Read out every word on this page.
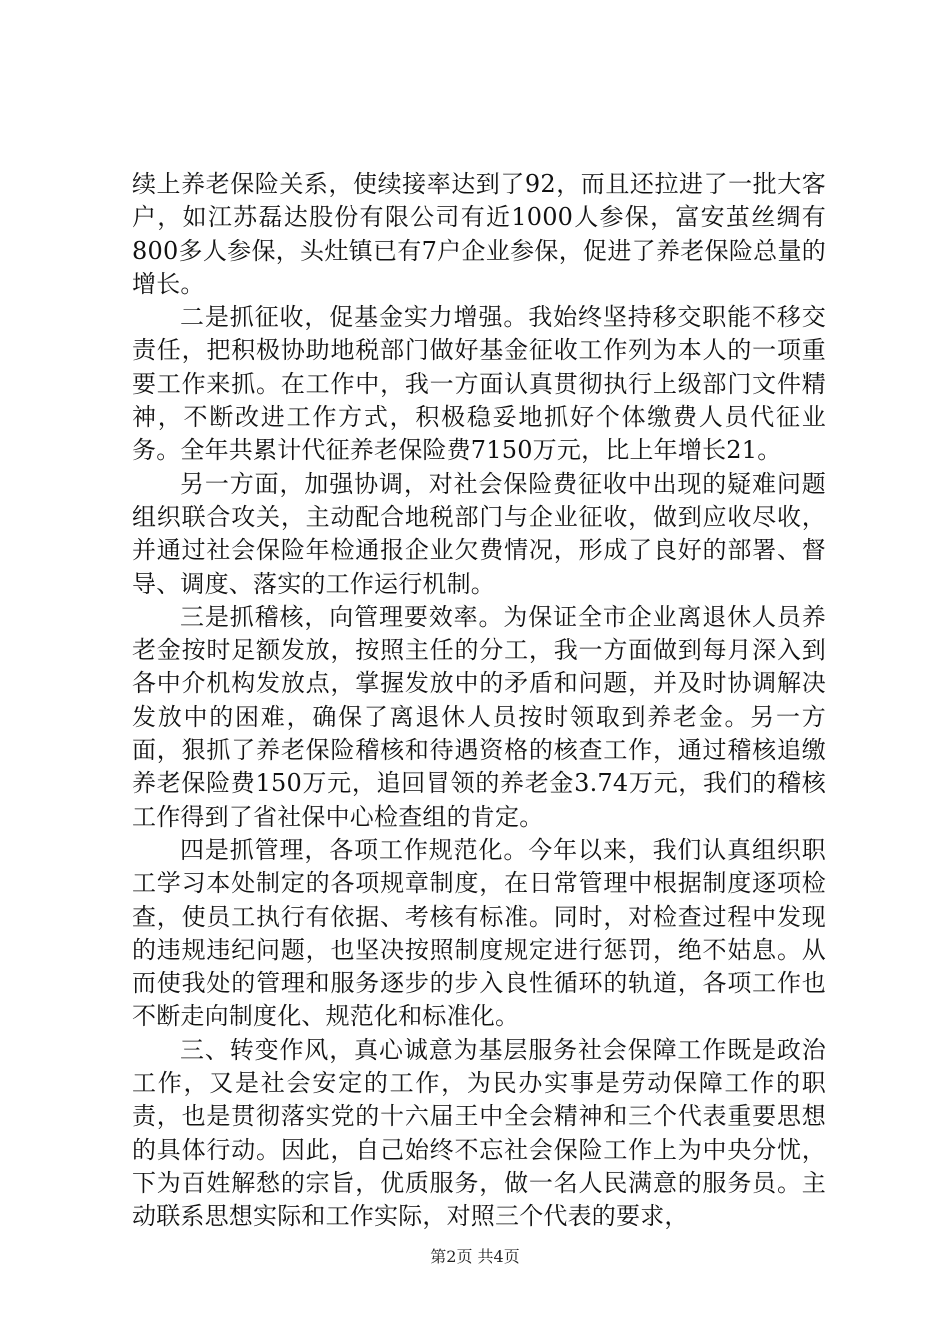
续上养老保险关系，使续接率达到了92，而且还拉进了一批大客户，如江苏磊达股份有限公司有近1000人参保，富安茧丝绸有800多人参保，头灶镇已有7户企业参保，促进了养老保险总量的增长。

二是抓征收，促基金实力增强。我始终坚持移交职能不移交责任，把积极协助地税部门做好基金征收工作列为本人的一项重要工作来抓。在工作中，我一方面认真贯彻执行上级部门文件精神，不断改进工作方式，积极稳妥地抓好个体缴费人员代征业务。全年共累计代征养老保险费7150万元，比上年增长21。

另一方面，加强协调，对社会保险费征收中出现的疑难问题组织联合攻关，主动配合地税部门与企业征收，做到应收尽收，并通过社会保险年检通报企业欠费情况，形成了良好的部署、督导、调度、落实的工作运行机制。

三是抓稽核，向管理要效率。为保证全市企业离退休人员养老金按时足额发放，按照主任的分工，我一方面做到每月深入到各中介机构发放点，掌握发放中的矛盾和问题，并及时协调解决发放中的困难，确保了离退休人员按时领取到养老金。另一方面，狠抓了养老保险稽核和待遇资格的核查工作，通过稽核追缴养老保险费150万元，追回冒领的养老金3.74万元，我们的稽核工作得到了省社保中心检查组的肯定。

四是抓管理，各项工作规范化。今年以来，我们认真组织职工学习本处制定的各项规章制度，在日常管理中根据制度逐项检查，使员工执行有依据、考核有标准。同时，对检查过程中发现的违规违纪问题，也坚决按照制度规定进行惩罚，绝不姑息。从而使我处的管理和服务逐步的步入良性循环的轨道，各项工作也不断走向制度化、规范化和标准化。

三、转变作风，真心诚意为基层服务社会保障工作既是政治工作，又是社会安定的工作，为民办实事是劳动保障工作的职责，也是贯彻落实党的十六届王中全会精神和三个代表重要思想的具体行动。因此，自己始终不忘社会保险工作上为中央分忧，下为百姓解愁的宗旨，优质服务，做一名人民满意的服务员。主动联系思想实际和工作实际，对照三个代表的要求，

第2页 共4页
